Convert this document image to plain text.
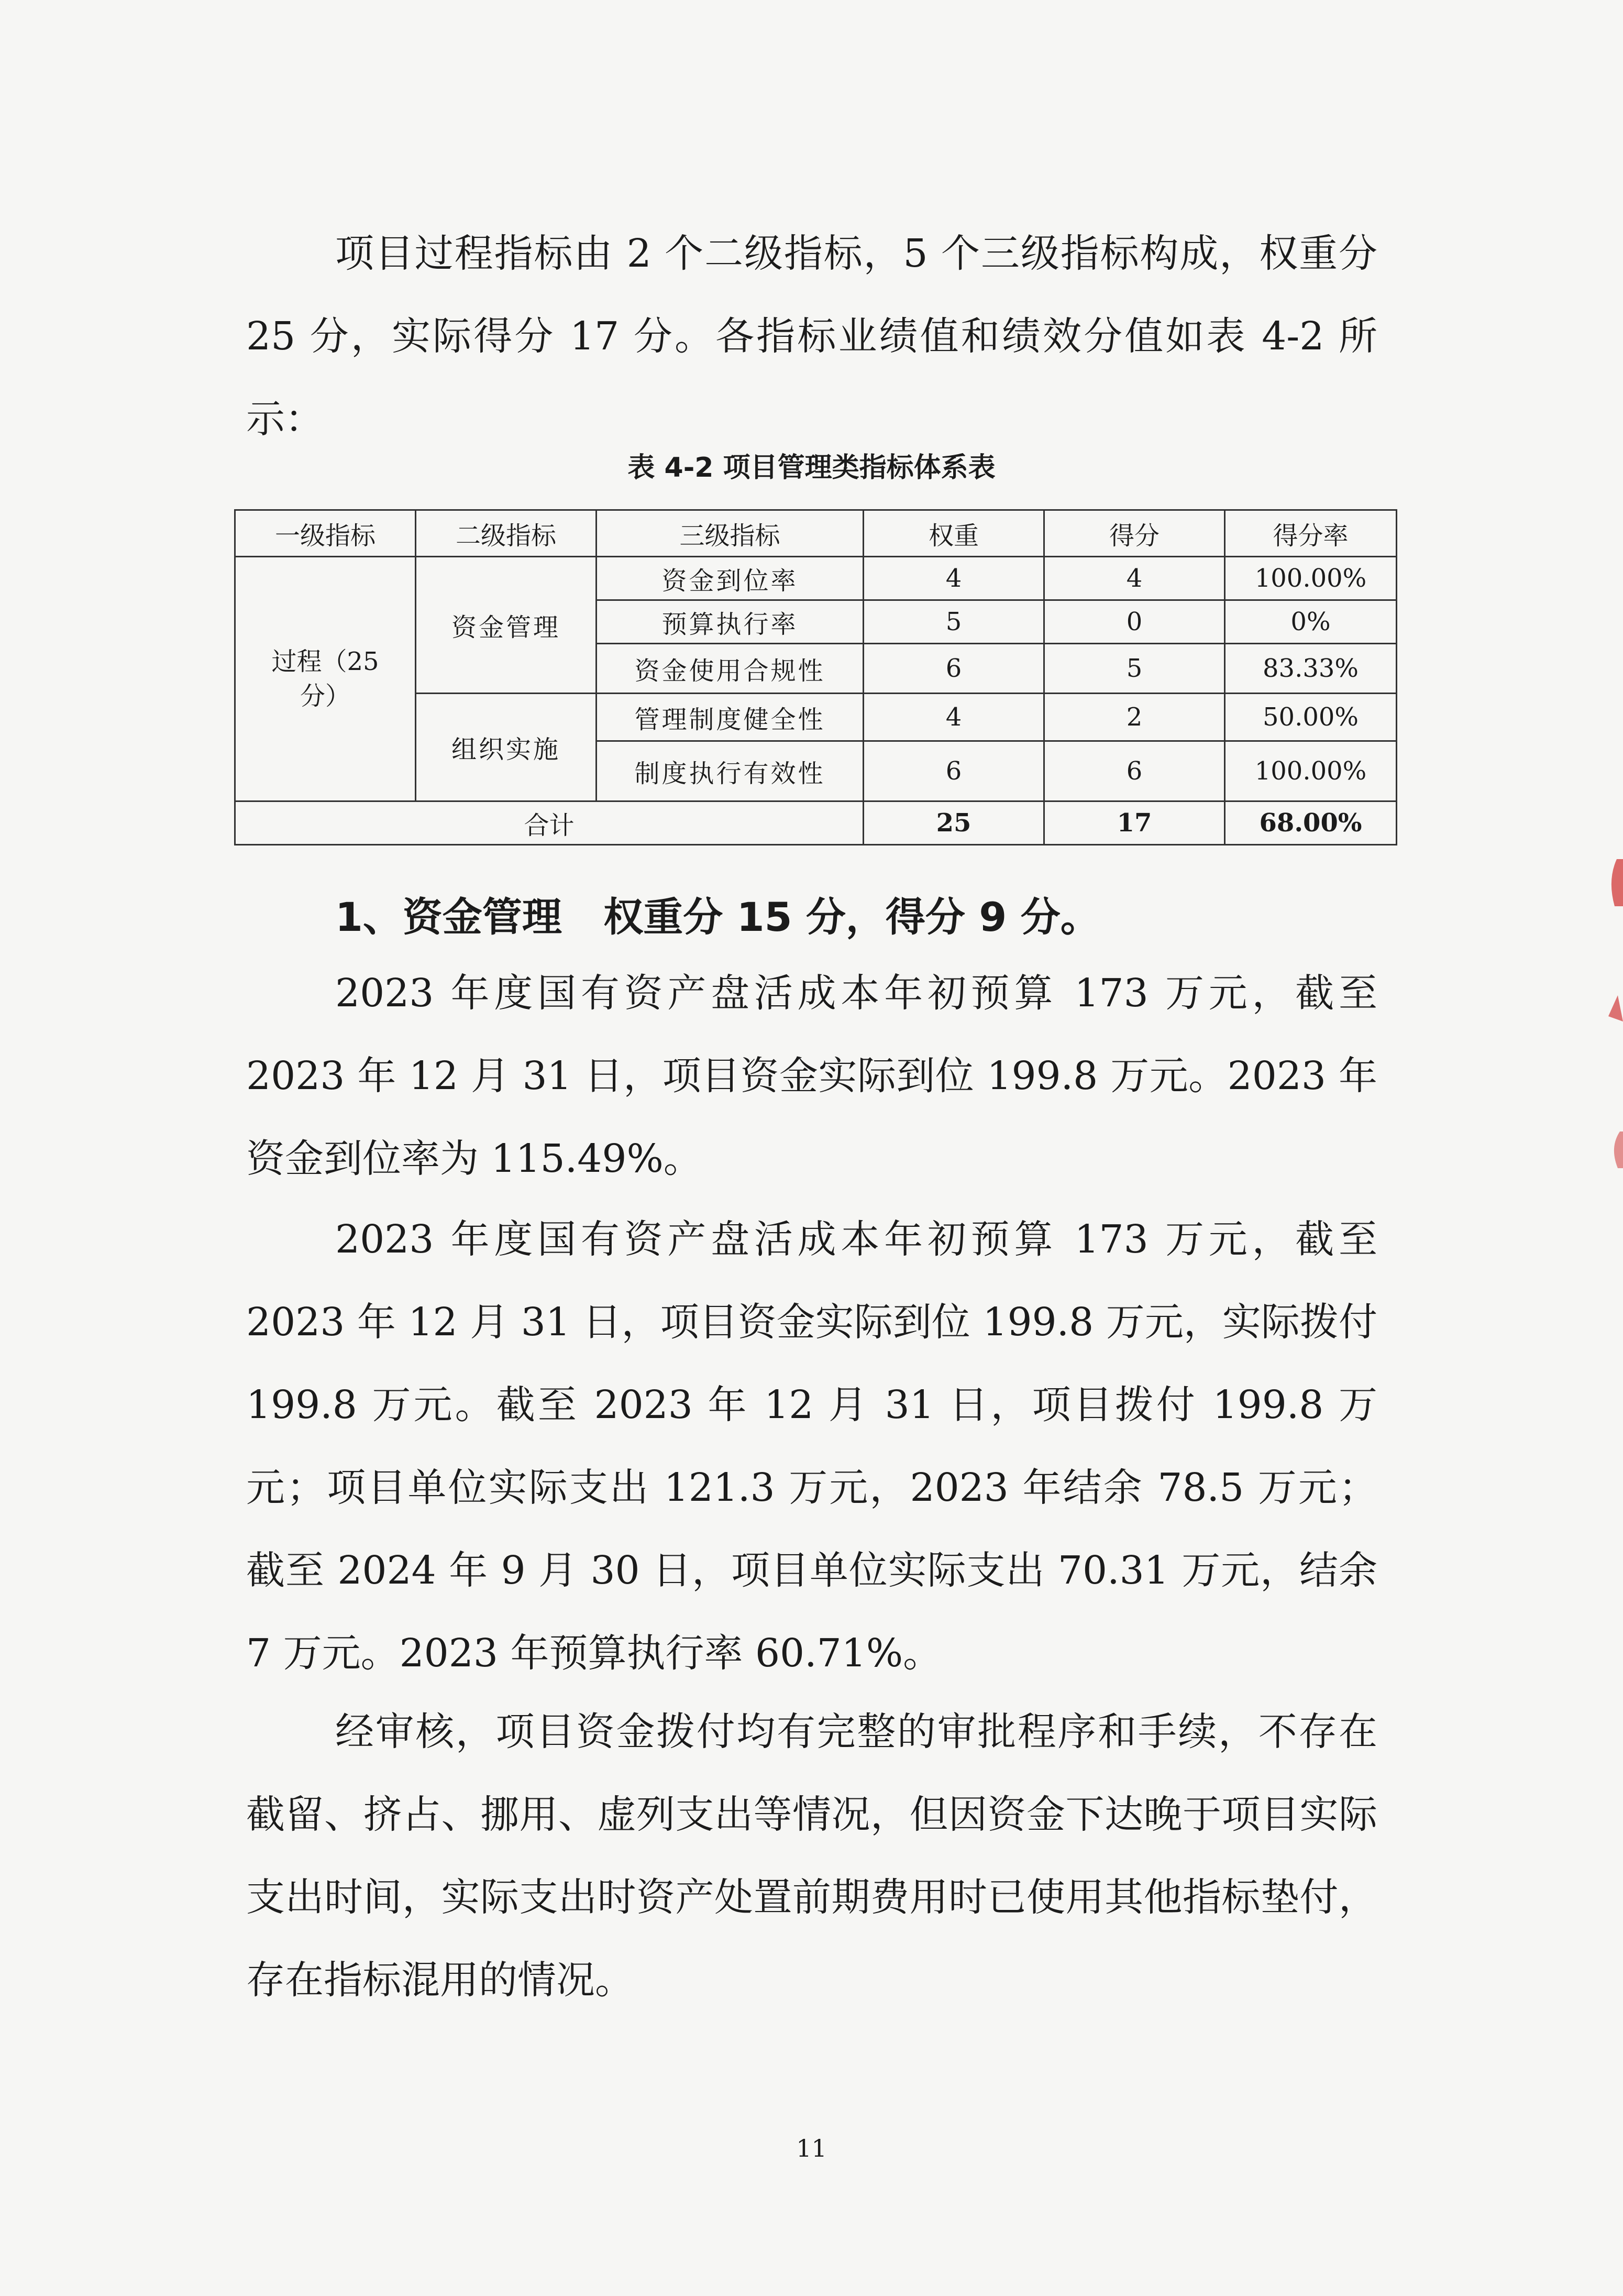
项目过程指标由 2 个二级指标，5 个三级指标构成，权重分 25 分，实际得分 17 分。各指标业绩值和绩效分值如表 4-2 所示：

表 4-2 项目管理类指标体系表
一级指标	二级指标	三级指标	权重	得分	得分率
过程（25分）	资金管理	资金到位率	4	4	100.00%
		预算执行率	5	0	0%
		资金使用合规性	6	5	83.33%
	组织实施	管理制度健全性	4	2	50.00%
		制度执行有效性	6	6	100.00%
合计			25	17	68.00%
1、资金管理   权重分 15 分，得分 9 分。

2023 年度国有资产盘活成本年初预算 173 万元，截至 2023 年 12 月 31 日，项目资金实际到位 199.8 万元。2023 年资金到位率为 115.49%。

2023 年度国有资产盘活成本年初预算 173 万元，截至 2023 年 12 月 31 日，项目资金实际到位 199.8 万元，实际拨付 199.8 万元。截至 2023 年 12 月 31 日，项目拨付 199.8 万元；项目单位实际支出 121.3 万元，2023 年结余 78.5 万元；截至 2024 年 9 月 30 日，项目单位实际支出 70.31 万元，结余 7 万元。2023 年预算执行率 60.71%。

经审核，项目资金拨付均有完整的审批程序和手续，不存在截留、挤占、挪用、虚列支出等情况，但因资金下达晚于项目实际支出时间，实际支出时资产处置前期费用时已使用其他指标垫付，存在指标混用的情况。

11
